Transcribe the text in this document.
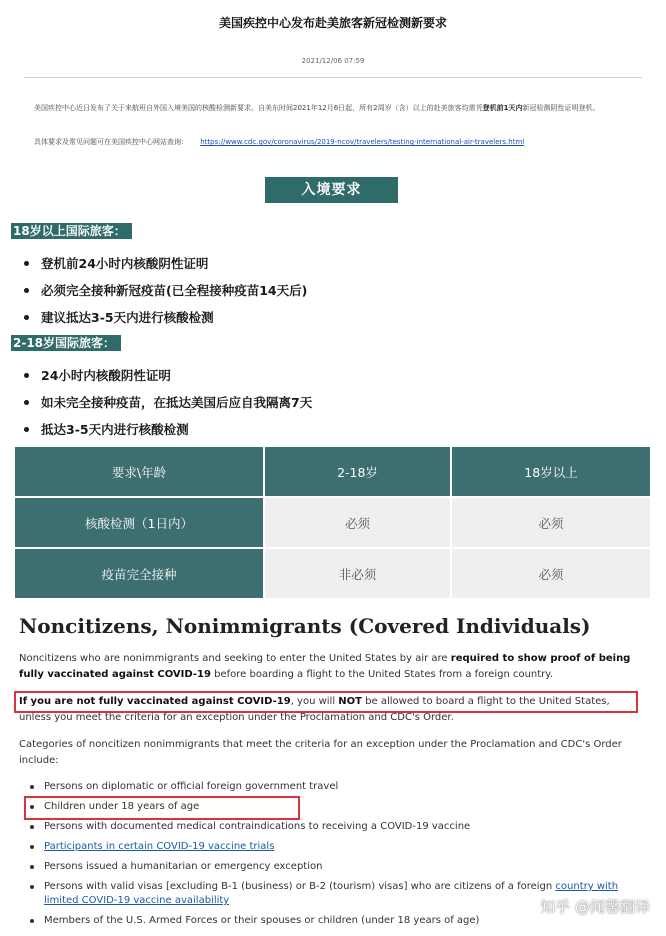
美国疾控中心发布赴美旅客新冠检测新要求
2021/12/06 07:59

美国疾控中心近日发布了关于来航班自外国入境美国的核酸检测新要求。自美东时间2021年12月6日起，所有2周岁（含）以上的赴美旅客均需凭登机前1天内新冠检测阴性证明登机。

具体要求及常见问题可在美国疾控中心网站查询： https://www.cdc.gov/coronavirus/2019-ncov/travelers/testing-international-air-travelers.html
入境要求
18岁以上国际旅客：
登机前24小时内核酸阴性证明
必须完全接种新冠疫苗(已全程接种疫苗14天后)
建议抵达3-5天内进行核酸检测
2-18岁国际旅客：
24小时内核酸阴性证明
如未完全接种疫苗，在抵达美国后应自我隔离7天
抵达3-5天内进行核酸检测
要求\年龄	2-18岁	18岁以上
核酸检测（1日内）	必须	必须
疫苗完全接种	非必须	必须
Noncitizens, Nonimmigrants (Covered Individuals)

Noncitizens who are nonimmigrants and seeking to enter the United States by air are required to show proof of being fully vaccinated against COVID-19 before boarding a flight to the United States from a foreign country.

If you are not fully vaccinated against COVID-19, you will NOT be allowed to board a flight to the United States, unless you meet the criteria for an exception under the Proclamation and CDC's Order.

Categories of noncitizen nonimmigrants that meet the criteria for an exception under the Proclamation and CDC's Order include:

Persons on diplomatic or official foreign government travel
Children under 18 years of age
Persons with documented medical contraindications to receiving a COVID-19 vaccine
Participants in certain COVID-19 vaccine trials
Persons issued a humanitarian or emergency exception
Persons with valid visas [excluding B-1 (business) or B-2 (tourism) visas] who are citizens of a foreign country with limited COVID-19 vaccine availability
Members of the U.S. Armed Forces or their spouses or children (under 18 years of age)
知乎 @闻馨翻译
